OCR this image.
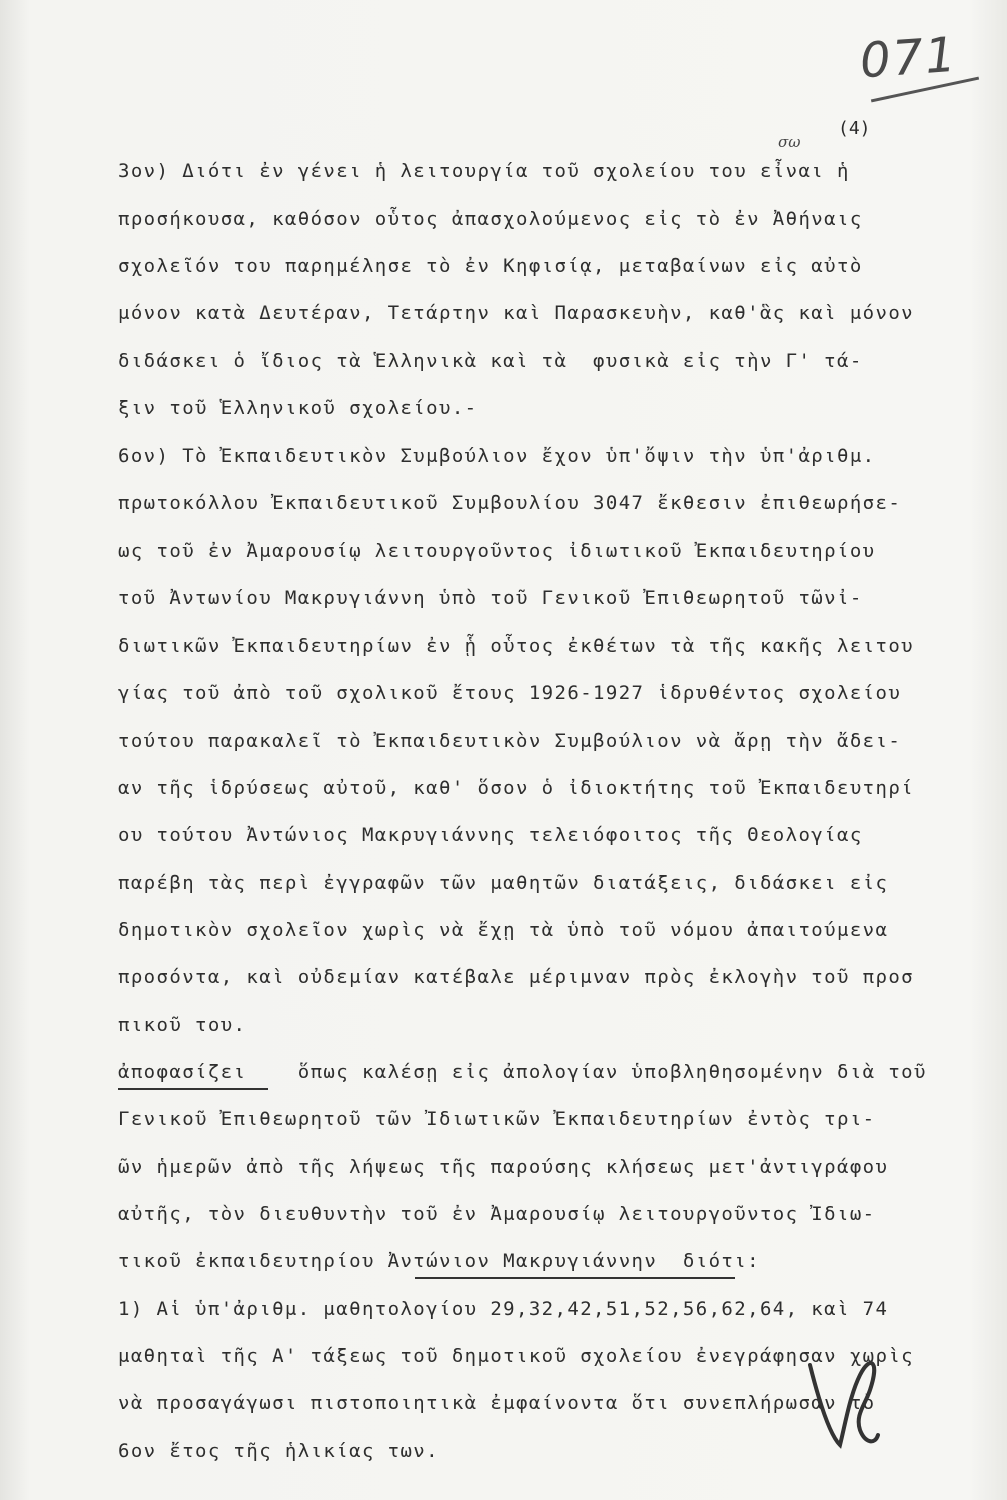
071
σω
(4)
3ον) Διότι ἐν γένει ἡ λειτουργία τοῦ σχολείου του εἶναι ἡ
προσήκουσα, καθόσον οὗτος ἀπασχολούμενος εἰς τὸ ἐν Ἀθήναις
σχολεῖόν του παρημέλησε τὸ ἐν Κηφισίᾳ, μεταβαίνων εἰς αὐτὸ
μόνον κατὰ Δευτέραν, Τετάρτην καὶ Παρασκευὴν, καθ'ἃς καὶ μόνον
διδάσκει ὁ ἴδιος τὰ Ἑλληνικὰ καὶ τὰ  φυσικὰ εἰς τὴν Γ' τά-
ξιν τοῦ Ἑλληνικοῦ σχολείου.-
6ον) Τὸ Ἐκπαιδευτικὸν Συμβούλιον ἔχον ὑπ'ὄψιν τὴν ὑπ'ἀριθμ.
πρωτοκόλλου Ἐκπαιδευτικοῦ Συμβουλίου 3047 ἔκθεσιν ἐπιθεωρήσε-
ως τοῦ ἐν Ἀμαρουσίῳ λειτουργοῦντος ἰδιωτικοῦ Ἐκπαιδευτηρίου
τοῦ Ἀντωνίου Μακρυγιάννη ὑπὸ τοῦ Γενικοῦ Ἐπιθεωρητοῦ τῶνἰ-
διωτικῶν Ἐκπαιδευτηρίων ἐν ᾗ οὗτος ἐκθέτων τὰ τῆς κακῆς λειτου
γίας τοῦ ἀπὸ τοῦ σχολικοῦ ἔτους 1926-1927 ἱδρυθέντος σχολείου
τούτου παρακαλεῖ τὸ Ἐκπαιδευτικὸν Συμβούλιον νὰ ἄρῃ τὴν ἄδει-
αν τῆς ἱδρύσεως αὐτοῦ, καθ' ὅσον ὁ ἰδιοκτήτης τοῦ Ἐκπαιδευτηρί
ου τούτου Ἀντώνιος Μακρυγιάννης τελειόφοιτος τῆς Θεολογίας
παρέβη τὰς περὶ ἐγγραφῶν τῶν μαθητῶν διατάξεις, διδάσκει εἰς
δημοτικὸν σχολεῖον χωρὶς νὰ ἔχῃ τὰ ὑπὸ τοῦ νόμου ἀπαιτούμενα
προσόντα, καὶ οὐδεμίαν κατέβαλε μέριμναν πρὸς ἐκλογὴν τοῦ προσ
πικοῦ του.
ἀποφασίζει    ὅπως καλέσῃ εἰς ἀπολογίαν ὑποβληθησομένην διὰ τοῦ
Γενικοῦ Ἐπιθεωρητοῦ τῶν Ἰδιωτικῶν Ἐκπαιδευτηρίων ἐντὸς τρι-
ῶν ἡμερῶν ἀπὸ τῆς λήψεως τῆς παρούσης κλήσεως μετ'ἀντιγράφου
αὐτῆς, τὸν διευθυντὴν τοῦ ἐν Ἀμαρουσίῳ λειτουργοῦντος Ἰδιω-
τικοῦ ἐκπαιδευτηρίου Ἀντώνιον Μακρυγιάννην  διότι:
1) Αἱ ὑπ'ἀριθμ. μαθητολογίου 29,32,42,51,52,56,62,64, καὶ 74
μαθηταὶ τῆς Α' τάξεως τοῦ δημοτικοῦ σχολείου ἐνεγράφησαν χωρὶς
νὰ προσαγάγωσι πιστοποιητικὰ ἐμφαίνοντα ὅτι συνεπλήρωσαν τὸ
6ον ἔτος τῆς ἡλικίας των.
